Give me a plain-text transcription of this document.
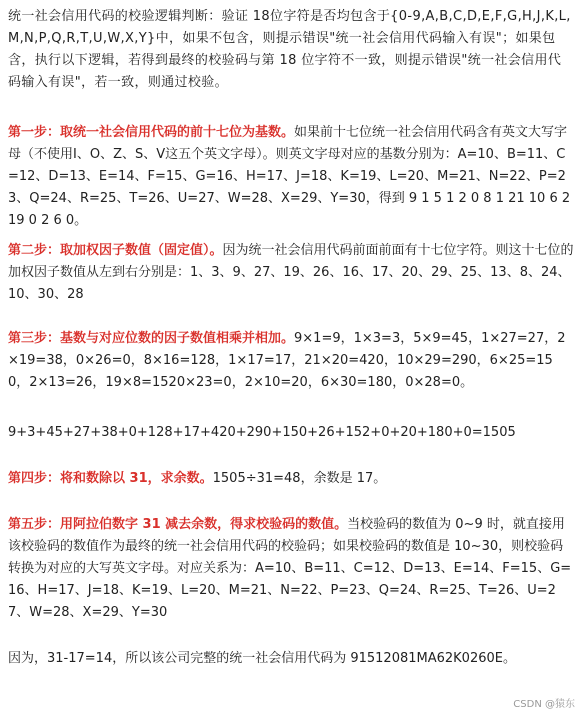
统一社会信用代码的校验逻辑判断：验证 18位字符是否均包含于{0-9,A,B,C,D,E,F,G,H,J,K,L,M,N,P,Q,R,T,U,W,X,Y}中，如果不包含，则提示错误"统一社会信用代码输入有误"；如果包含，执行以下逻辑，若得到最终的校验码与第 18 位字符不一致，则提示错误"统一社会信用代码输入有误"，若一致，则通过校验。

第一步：取统一社会信用代码的前十七位为基数。如果前十七位统一社会信用代码含有英文大写字母（不使用I、O、Z、S、V这五个英文字母）。则英文字母对应的基数分别为：A=10、B=11、C=12、D=13、E=14、F=15、G=16、H=17、J=18、K=19、L=20、M=21、N=22、P=23、Q=24、R=25、T=26、U=27、W=28、X=29、Y=30，得到 9 1 5 1 2 0 8 1 21 10 6 2 19 0 2 6 0。

第二步：取加权因子数值（固定值）。因为统一社会信用代码前面前面有十七位字符。则这十七位的加权因子数值从左到右分别是：1、3、9、27、19、26、16、17、20、29、25、13、8、24、10、30、28

第三步：基数与对应位数的因子数值相乘并相加。9×1=9，1×3=3，5×9=45，1×27=27，2×19=38，0×26=0，8×16=128，1×17=17，21×20=420，10×29=290，6×25=150，2×13=26，19×8=1520×23=0，2×10=20，6×30=180，0×28=0。

9+3+45+27+38+0+128+17+420+290+150+26+152+0+20+180+0=1505

第四步：将和数除以 31，求余数。1505÷31=48，余数是 17。

第五步：用阿拉伯数字 31 减去余数，得求校验码的数值。当校验码的数值为 0~9 时，就直接用该校验码的数值作为最终的统一社会信用代码的校验码；如果校验码的数值是 10~30，则校验码转换为对应的大写英文字母。对应关系为：A=10、B=11、C=12、D=13、E=14、F=15、G=16、H=17、J=18、K=19、L=20、M=21、N=22、P=23、Q=24、R=25、T=26、U=27、W=28、X=29、Y=30

因为，31-17=14，所以该公司完整的统一社会信用代码为 91512081MA62K0260E。

CSDN @猿东
